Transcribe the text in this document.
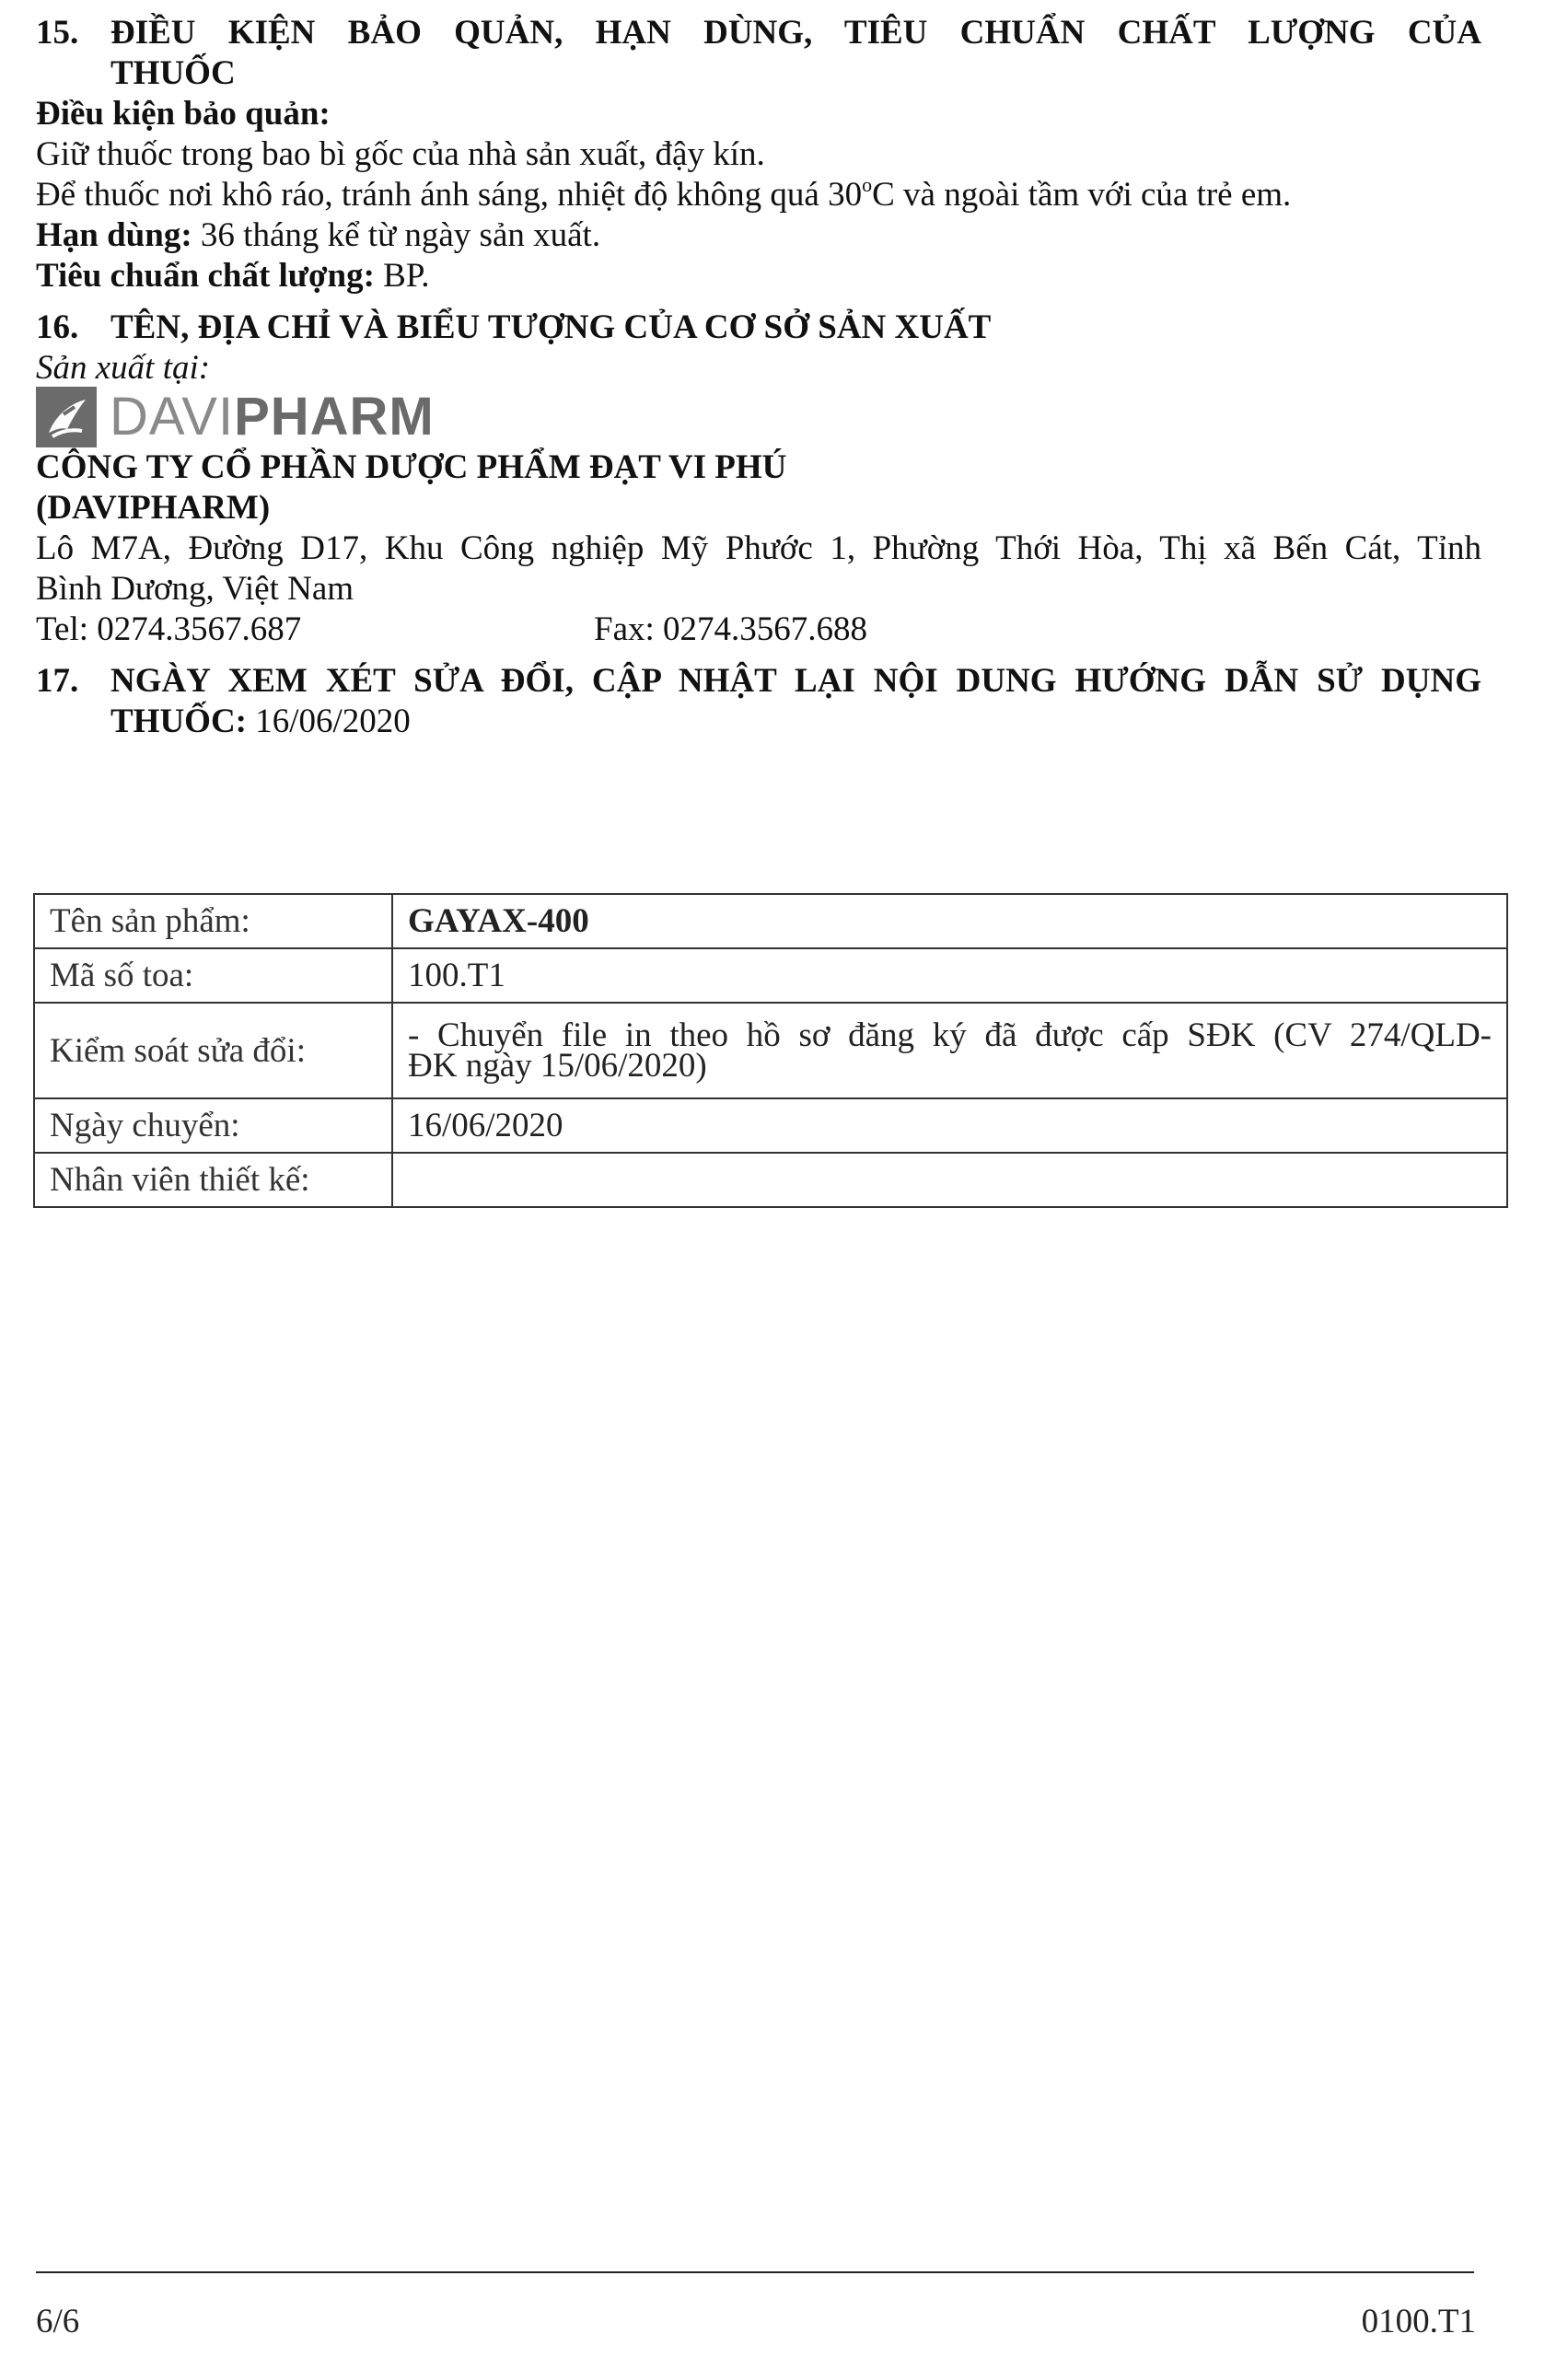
15. ĐIỀU KIỆN BẢO QUẢN, HẠN DÙNG, TIÊU CHUẨN CHẤT LƯỢNG CỦA
THUỐC
Điều kiện bảo quản:
Giữ thuốc trong bao bì gốc của nhà sản xuất, đậy kín.
Để thuốc nơi khô ráo, tránh ánh sáng, nhiệt độ không quá 30$^o$C và ngoài tầm với của trẻ em.
Hạn dùng: 36 tháng kể từ ngày sản xuất.
Tiêu chuẩn chất lượng: BP.
16. TÊN, ĐỊA CHỈ VÀ BIỂU TƯỢNG CỦA CƠ SỞ SẢN XUẤT
Sản xuất tại:
DAVIPHARM
CÔNG TY CỔ PHẦN DƯỢC PHẨM ĐẠT VI PHÚ
(DAVIPHARM)
Lô M7A, Đường D17, Khu Công nghiệp Mỹ Phước 1, Phường Thới Hòa, Thị xã Bến Cát, Tỉnh
Bình Dương, Việt Nam
Tel: 0274.3567.687	Fax: 0274.3567.688
17. NGÀY XEM XÉT SỬA ĐỔI, CẬP NHẬT LẠI NỘI DUNG HƯỚNG DẪN SỬ DỤNG
THUỐC: 16/06/2020
Tên sản phẩm:	GAYAX-400
Mã số toa:	100.T1
Kiểm soát sửa đổi:	- Chuyển file in theo hồ sơ đăng ký đã được cấp SĐK (CV 274/QLD-
ĐK ngày 15/06/2020)

Ngày chuyển:	16/06/2020
Nhân viên thiết kế:	
6/6	0100.T1
